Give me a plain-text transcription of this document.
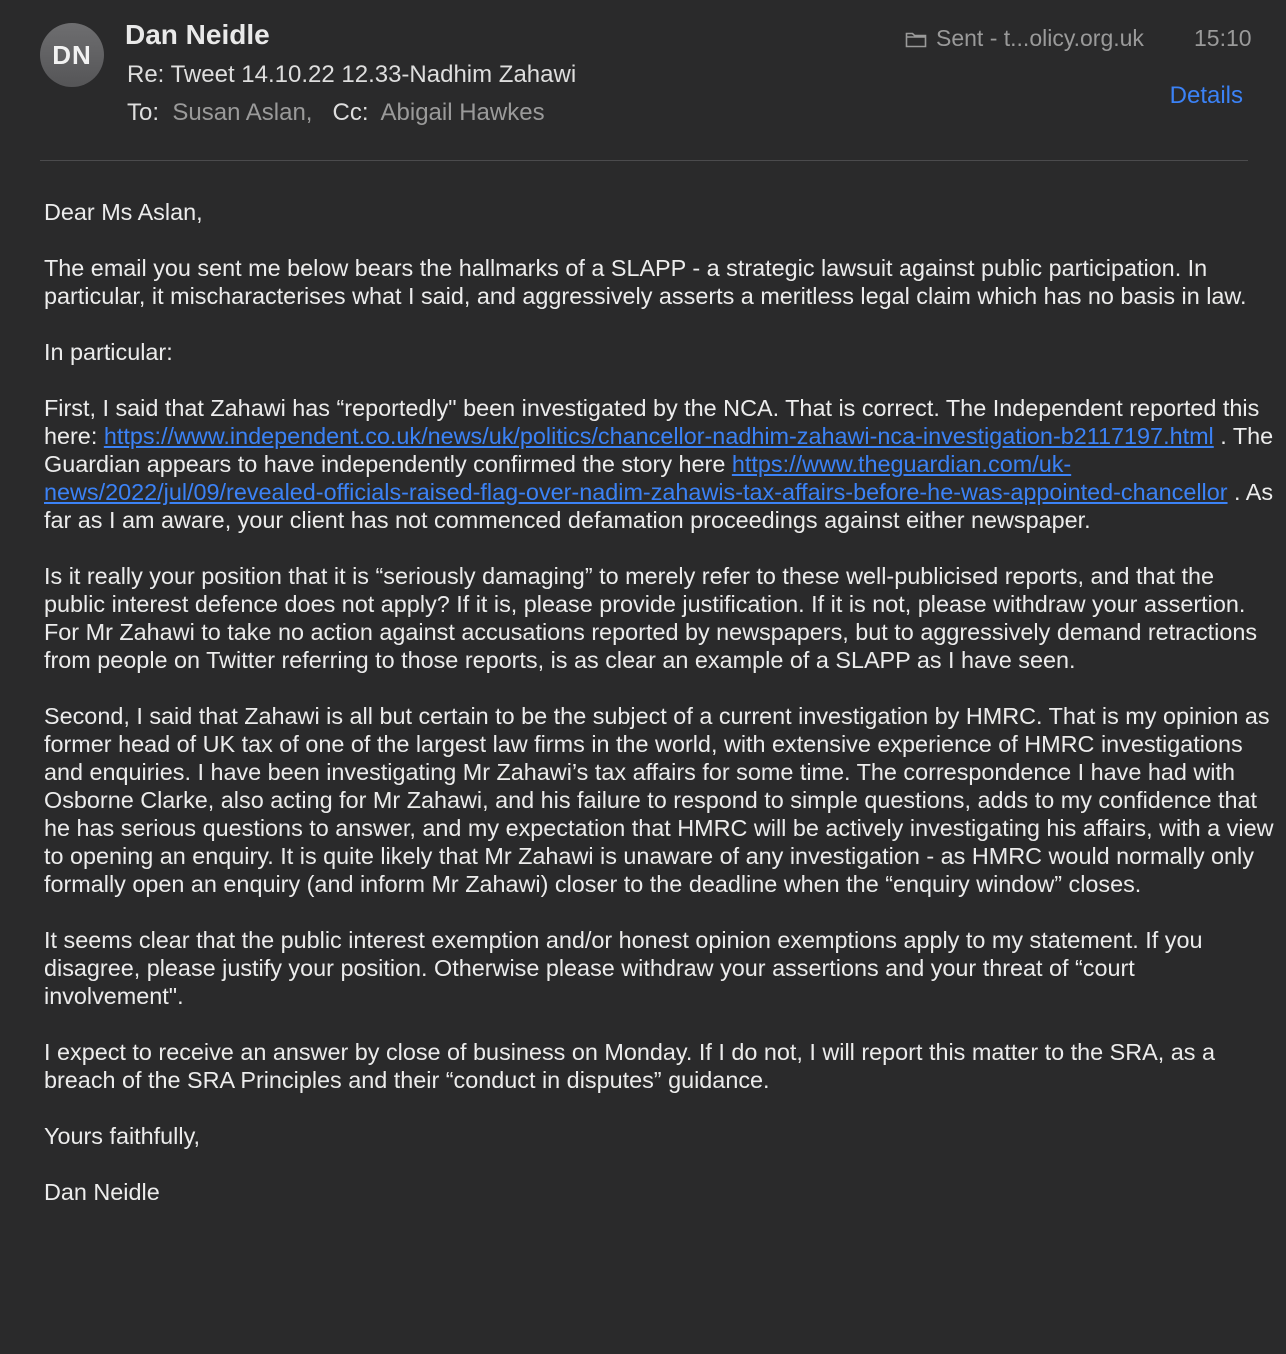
DN
Dan Neidle
Re: Tweet 14.10.22 12.33-Nadhim Zahawi
To: Susan Aslan, Cc: Abigail Hawkes
Sent - t...olicy.org.uk 15:10
Details

Dear Ms Aslan,

The email you sent me below bears the hallmarks of a SLAPP - a strategic lawsuit against public participation. In particular, it mischaracterises what I said, and aggressively asserts a meritless legal claim which has no basis in law.

In particular:

First, I said that Zahawi has “reportedly" been investigated by the NCA. That is correct. The Independent reported this here: https://www.independent.co.uk/news/uk/politics/chancellor-nadhim-zahawi-nca-investigation-b2117197.html . The Guardian appears to have independently confirmed the story here https://www.theguardian.com/uk-news/2022/jul/09/revealed-officials-raised-flag-over-nadim-zahawis-tax-affairs-before-he-was-appointed-chancellor . As far as I am aware, your client has not commenced defamation proceedings against either newspaper.

Is it really your position that it is “seriously damaging” to merely refer to these well-publicised reports, and that the public interest defence does not apply? If it is, please provide justification. If it is not, please withdraw your assertion. For Mr Zahawi to take no action against accusations reported by newspapers, but to aggressively demand retractions from people on Twitter referring to those reports, is as clear an example of a SLAPP as I have seen.

Second, I said that Zahawi is all but certain to be the subject of a current investigation by HMRC. That is my opinion as former head of UK tax of one of the largest law firms in the world, with extensive experience of HMRC investigations and enquiries. I have been investigating Mr Zahawi’s tax affairs for some time. The correspondence I have had with Osborne Clarke, also acting for Mr Zahawi, and his failure to respond to simple questions, adds to my confidence that he has serious questions to answer, and my expectation that HMRC will be actively investigating his affairs, with a view to opening an enquiry. It is quite likely that Mr Zahawi is unaware of any investigation - as HMRC would normally only formally open an enquiry (and inform Mr Zahawi) closer to the deadline when the “enquiry window” closes.

It seems clear that the public interest exemption and/or honest opinion exemptions apply to my statement. If you disagree, please justify your position. Otherwise please withdraw your assertions and your threat of “court involvement".

I expect to receive an answer by close of business on Monday. If I do not, I will report this matter to the SRA, as a breach of the SRA Principles and their “conduct in disputes” guidance.

Yours faithfully,

Dan Neidle
